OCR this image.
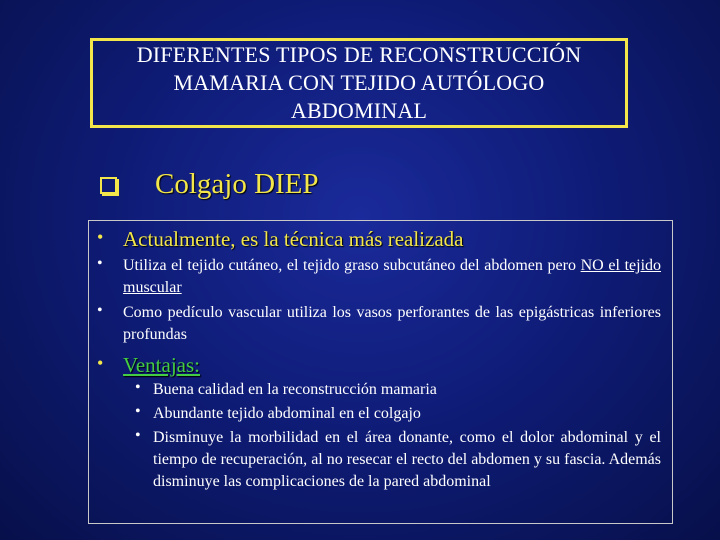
DIFERENTES TIPOS DE RECONSTRUCCIÓN
MAMARIA CON TEJIDO AUTÓLOGO
ABDOMINAL
Colgajo DIEP
• Actualmente, es la técnica más realizada
• Utiliza el tejido cutáneo, el tejido graso subcutáneo del abdomen pero NO el tejido muscular
• Como pedículo vascular utiliza los vasos perforantes de las epigástricas inferiores profundas
• Ventajas:
• Buena calidad en la reconstrucción mamaria
• Abundante tejido abdominal en el colgajo
• Disminuye la morbilidad en el área donante, como el dolor abdominal y el tiempo de recuperación, al no resecar el recto del abdomen y su fascia. Además disminuye las complicaciones de la pared abdominal
